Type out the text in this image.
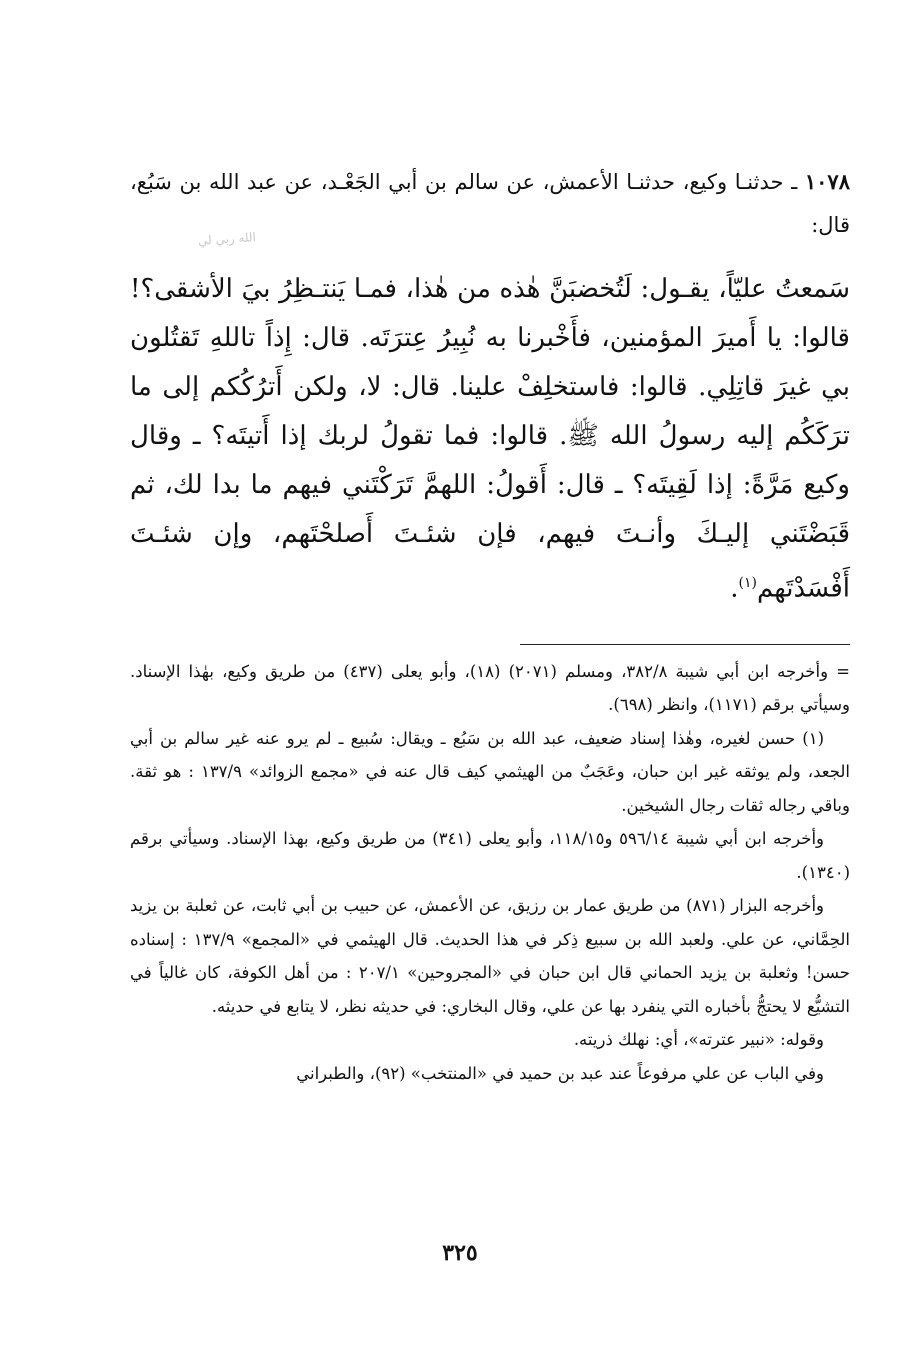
الله ربي لي

١٠٧٨ ـ حدثنـا وكيع، حدثنـا الأعمش، عن سالم بن أبي الجَعْـد، عن عبد الله بن سَبُع، قال:

سَمعتُ عليّاً، يقـول: لَتُخضبَنَّ هٰذه من هٰذا، فمـا يَنتـظِرُ بيَ الأشقى؟! قالوا: يا أَميرَ المؤمنين، فأَخْبرنا به نُبِيرُ عِترَتَه. قال: إِذاً تاللهِ تَقتُلون بي غيرَ قاتِلِي. قالوا: فاستخلِفْ علينا. قال: لا، ولكن أَترُكُكم إلى ما ترَكَكُم إليه رسولُ الله ﷺ. قالوا: فما تقولُ لربك إذا أَتيتَه؟ ـ وقال وكيع مَرَّةً: إذا لَقِيتَه؟ ـ قال: أَقولُ: اللهمَّ تَرَكْتَني فيهم ما بدا لك، ثم قَبَضْتَني إليـكَ وأنـتَ فيهم، فإن شئـتَ أَصلحْتَهم، وإن شئـتَ أَفْسَدْتَهم$^{(١)}$.

= وأخرجه ابن أبي شيبة ٣٨٢/٨، ومسلم (٢٠٧١) (١٨)، وأبو يعلى (٤٣٧) من طريق وكيع، بهٰذا الإسناد. وسيأتي برقم (١١٧١)، وانظر (٦٩٨).

(١) حسن لغيره، وهٰذا إسناد ضعيف، عبد الله بن سَبُع ـ ويقال: سُبيع ـ لم يرو عنه غير سالم بن أبي الجعد، ولم يوثقه غير ابن حبان، وعَجَبٌ من الهيثمي كيف قال عنه في «مجمع الزوائد» ١٣٧/٩ : هو ثقة. وباقي رجاله ثقات رجال الشيخين.

وأخرجه ابن أبي شيبة ٥٩٦/١٤ و١١٨/١٥، وأبو يعلى (٣٤١) من طريق وكيع، بهذا الإسناد. وسيأتي برقم (١٣٤٠).

وأخرجه البزار (٨٧١) من طريق عمار بن رزيق، عن الأعمش، عن حبيب بن أبي ثابت، عن ثعلبة بن يزيد الحِمَّاني، عن علي. ولعبد الله بن سبيع ذِكر في هذا الحديث. قال الهيثمي في «المجمع» ١٣٧/٩ : إسناده حسن! وثعلبة بن يزيد الحماني قال ابن حبان في «المجروحين» ٢٠٧/١ : من أهل الكوفة، كان غالياً في التشيُّع لا يحتجُّ بأخباره التي ينفرد بها عن علي، وقال البخاري: في حديثه نظر، لا يتابع في حديثه.

وقوله: «نبير عترته»، أي: نهلك ذريته.

وفي الباب عن علي مرفوعاً عند عبد بن حميد في «المنتخب» (٩٢)، والطبراني

٣٢٥
